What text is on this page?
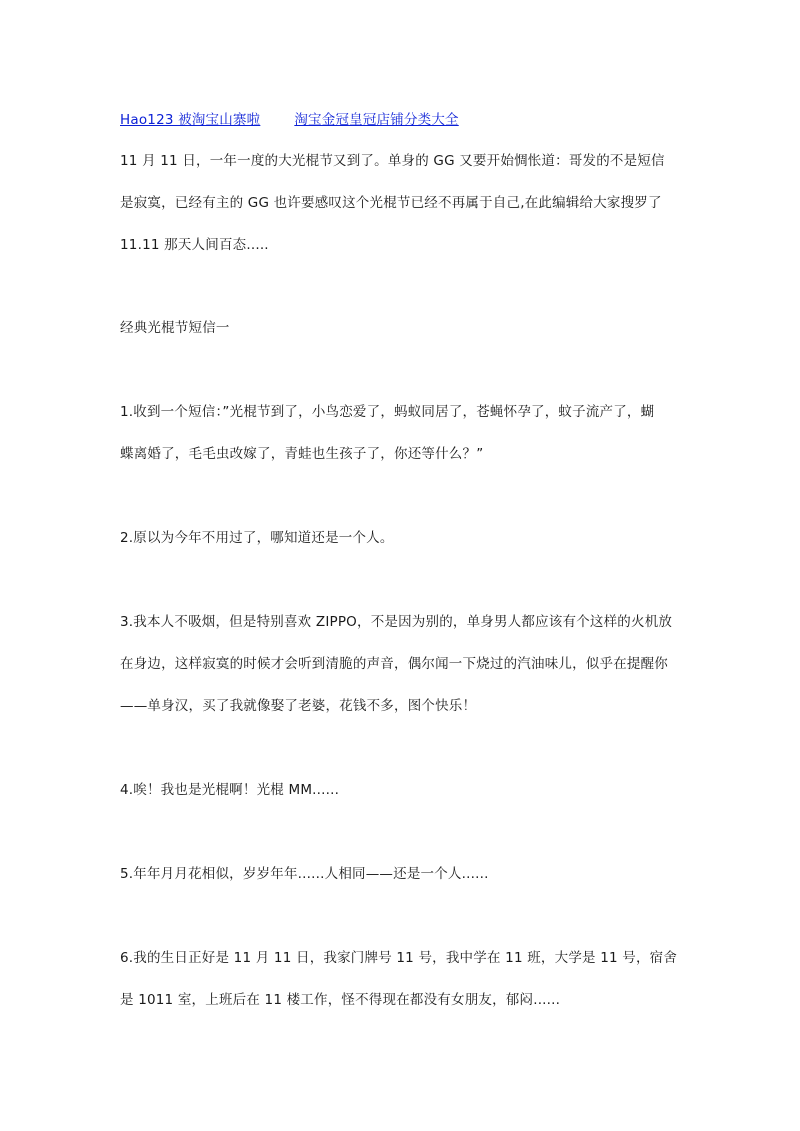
Hao123 被淘宝山寨啦	淘宝金冠皇冠店铺分类大全
11 月 11 日，一年一度的大光棍节又到了。单身的 GG 又要开始惆怅道：哥发的不是短信
是寂寞，已经有主的 GG 也许要感叹这个光棍节已经不再属于自己,在此编辑给大家搜罗了
11.11 那天人间百态.....
经典光棍节短信一
1.收到一个短信：”光棍节到了，小鸟恋爱了，蚂蚁同居了，苍蝇怀孕了，蚊子流产了，蝴
蝶离婚了，毛毛虫改嫁了，青蛙也生孩子了，你还等什么？”
2.原以为今年不用过了，哪知道还是一个人。
3.我本人不吸烟，但是特别喜欢 ZIPPO，不是因为别的，单身男人都应该有个这样的火机放
在身边，这样寂寞的时候才会听到清脆的声音，偶尔闻一下烧过的汽油味儿，似乎在提醒你
——单身汉，买了我就像娶了老婆，花钱不多，图个快乐！
4.唉！我也是光棍啊！光棍 MM......
5.年年月月花相似，岁岁年年......人相同——还是一个人......
6.我的生日正好是 11 月 11 日，我家门牌号 11 号，我中学在 11 班，大学是 11 号，宿舍
是 1011 室，上班后在 11 楼工作，怪不得现在都没有女朋友，郁闷......
